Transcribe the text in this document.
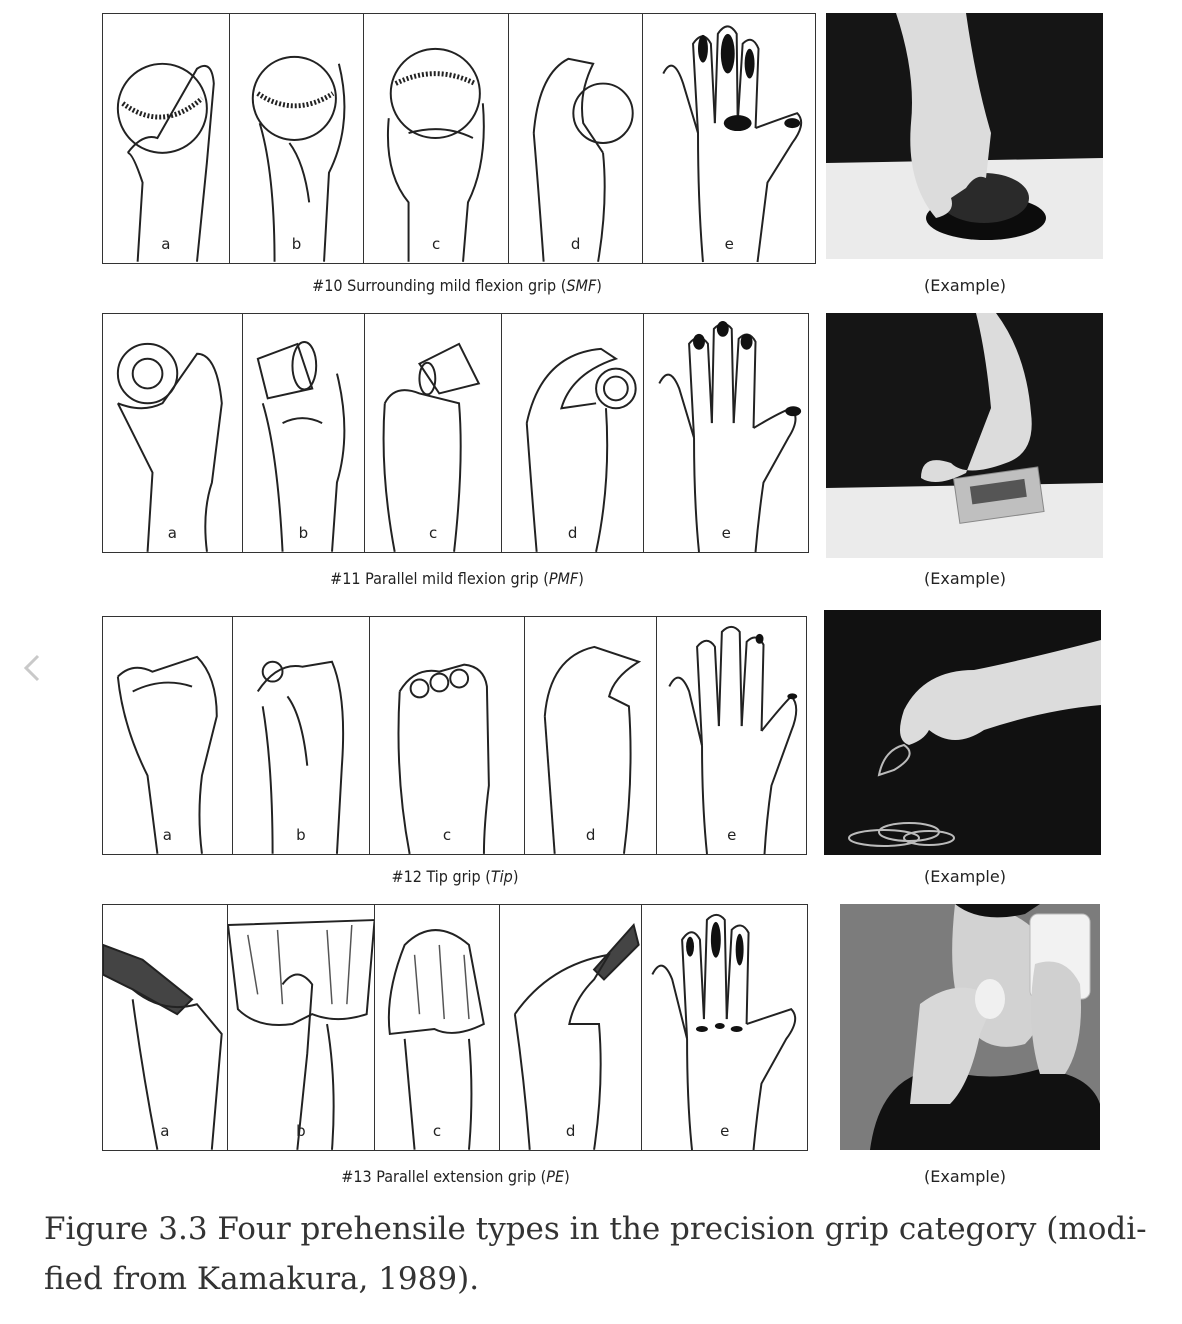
a	b	c	d	e
#10 Surrounding mild flexion grip (SMF)	(Example)
a	b	c	d	e
#11 Parallel mild flexion grip (PMF)	(Example)
a	b	c	d	e
#12 Tip grip (Tip)	(Example)
a	b	c	d	e
#13 Parallel extension grip (PE)	(Example)
Figure 3.3 Four prehensile types in the precision grip category (modi-
fied from Kamakura, 1989).
